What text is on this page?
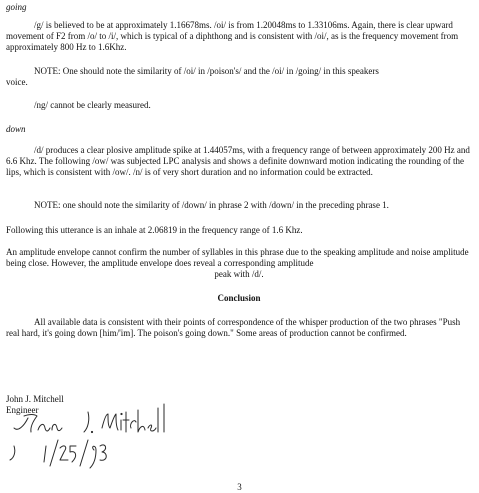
going

/g/ is believed to be at approximately 1.16678ms. /oi/ is from 1.20048ms to 1.33106ms. Again, there is clear upward movement of F2 from /o/ to /i/, which is typical of a diphthong and is consistent with /oi/, as is the frequency movement from approximately 800 Hz to 1.6Khz.

NOTE: One should note the similarity of /oi/ in /poison's/ and the /oi/ in /going/ in this speakers
voice.

/ng/ cannot be clearly measured.

down

/d/ produces a clear plosive amplitude spike at 1.44057ms, with a frequency range of between approximately 200 Hz and 6.6 Khz. The following /ow/ was subjected LPC analysis and shows a definite downward motion indicating the rounding of the lips, which is consistent with /ow/. /n/ is of very short duration and no information could be extracted.

NOTE: one should note the similarity of /down/ in phrase 2 with /down/ in the preceding phrase 1.

Following this utterance is an inhale at 2.06819 in the frequency range of 1.6 Khz.

An amplitude envelope cannot confirm the number of syllables in this phrase due to the speaking amplitude and noise amplitude being close. However, the amplitude envelope does reveal a corresponding amplitude
peak with /d/.

Conclusion

All available data is consistent with their points of correspondence of the whisper production of the two phrases "Push real hard, it's going down [him/'im]. The poison's going down." Some areas of production cannot be confirmed.

John J. Mitchell
Engineer
3
